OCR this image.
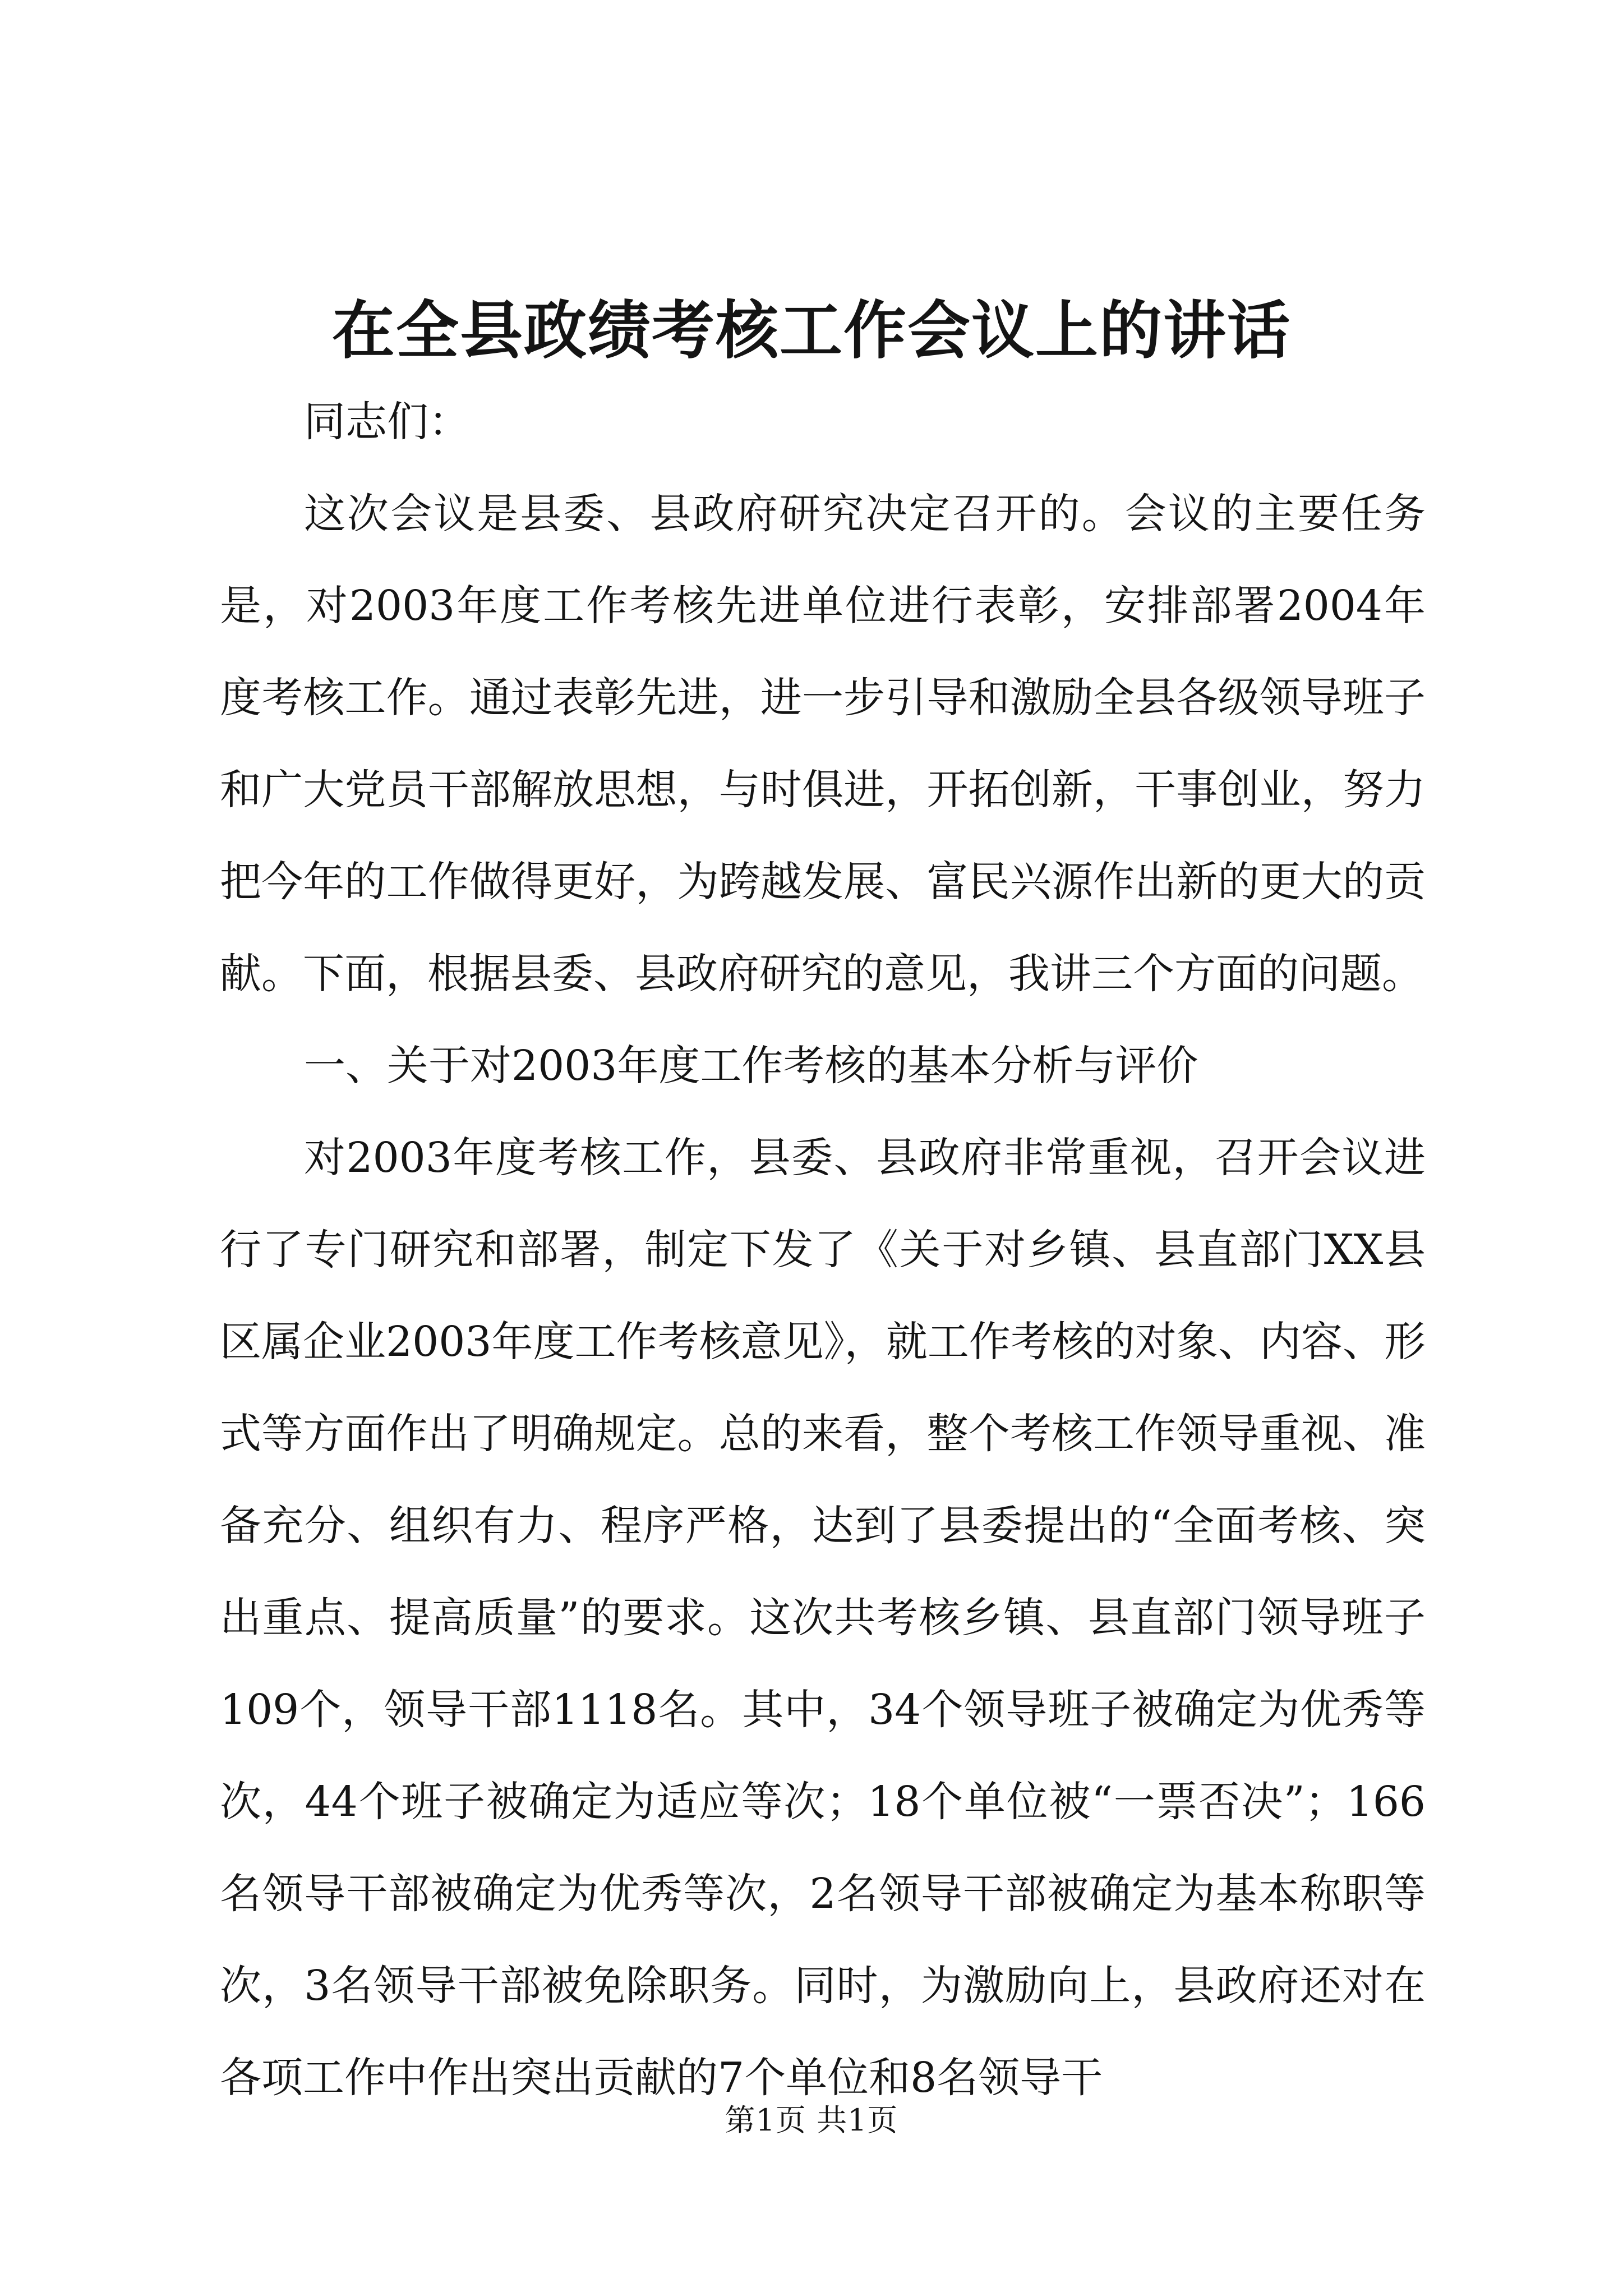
在全县政绩考核工作会议上的讲话

同志们：

这次会议是县委、县政府研究决定召开的。会议的主要任务是，对2003年度工作考核先进单位进行表彰，安排部署2004年度考核工作。通过表彰先进，进一步引导和激励全县各级领导班子和广大党员干部解放思想，与时俱进，开拓创新，干事创业，努力把今年的工作做得更好，为跨越发展、富民兴源作出新的更大的贡献。下面，根据县委、县政府研究的意见，我讲三个方面的问题。

一、关于对2003年度工作考核的基本分析与评价

对2003年度考核工作，县委、县政府非常重视，召开会议进行了专门研究和部署，制定下发了《关于对乡镇、县直部门XX县区属企业2003年度工作考核意见》，就工作考核的对象、内容、形式等方面作出了明确规定。总的来看，整个考核工作领导重视、准备充分、组织有力、程序严格，达到了县委提出的“全面考核、突出重点、提高质量”的要求。这次共考核乡镇、县直部门领导班子109个，领导干部1118名。其中，34个领导班子被确定为优秀等次，44个班子被确定为适应等次；18个单位被“一票否决”；166名领导干部被确定为优秀等次，2名领导干部被确定为基本称职等次，3名领导干部被免除职务。同时，为激励向上，县政府还对在各项工作中作出突出贡献的7个单位和8名领导干

第1页 共1页
